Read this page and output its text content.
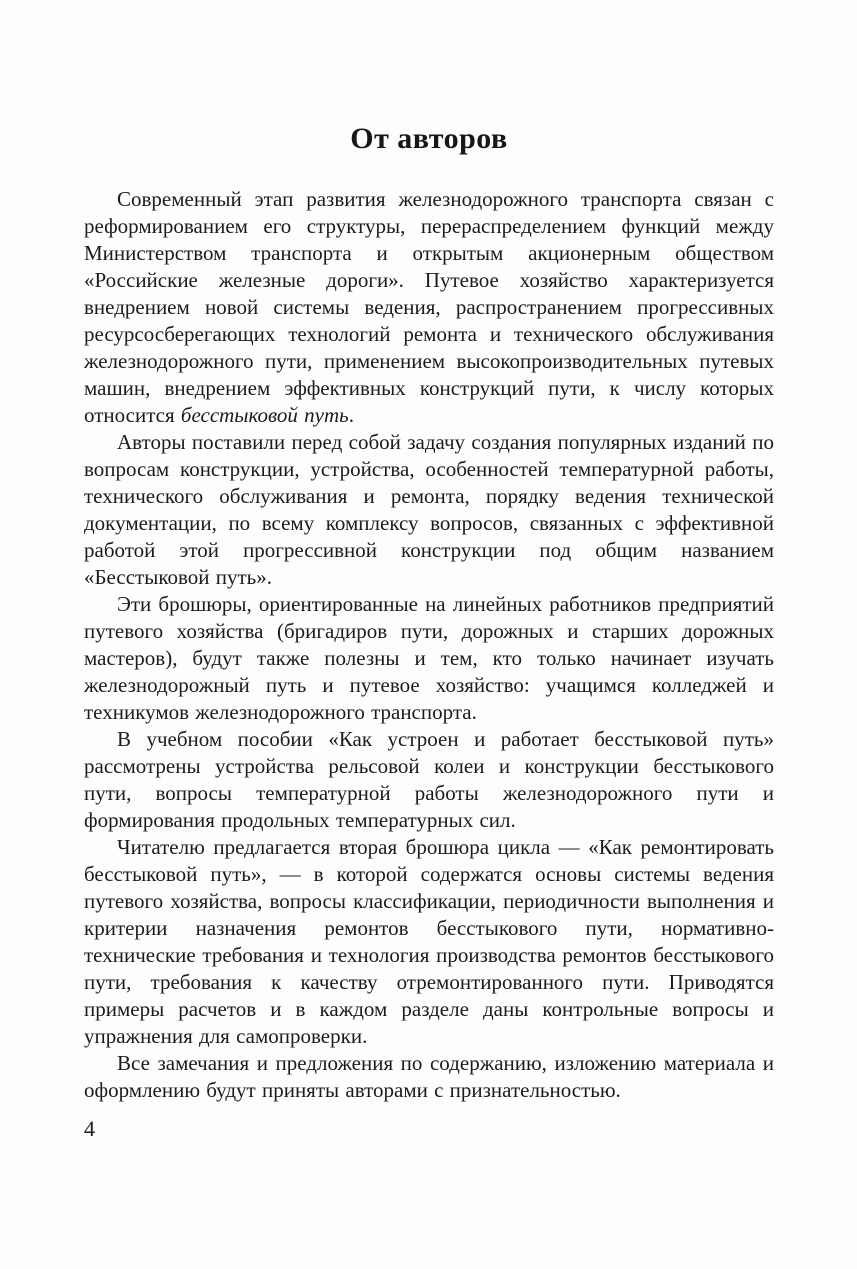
От авторов

Современный этап развития железнодорожного транспорта связан с реформированием его структуры, перераспределением функций между Министерством транспорта и открытым акционерным обществом «Российские железные дороги». Путевое хозяйство характеризуется внедрением новой системы ведения, распространением прогрессивных ресурсосберегающих технологий ремонта и технического обслуживания железнодорожного пути, применением высокопроизводительных путевых машин, внедрением эффективных конструкций пути, к числу которых относится бесстыковой путь.

Авторы поставили перед собой задачу создания популярных изданий по вопросам конструкции, устройства, особенностей температурной работы, технического обслуживания и ремонта, порядку ведения технической документации, по всему комплексу вопросов, связанных с эффективной работой этой прогрессивной конструкции под общим названием «Бесстыковой путь».

Эти брошюры, ориентированные на линейных работников предприятий путевого хозяйства (бригадиров пути, дорожных и старших дорожных мастеров), будут также полезны и тем, кто только начинает изучать железнодорожный путь и путевое хозяйство: учащимся колледжей и техникумов железнодорожного транспорта.

В учебном пособии «Как устроен и работает бесстыковой путь» рассмотрены устройства рельсовой колеи и конструкции бесстыкового пути, вопросы температурной работы железнодорожного пути и формирования продольных температурных сил.

Читателю предлагается вторая брошюра цикла — «Как ремонтировать бесстыковой путь», — в которой содержатся основы системы ведения путевого хозяйства, вопросы классификации, периодичности выполнения и критерии назначения ремонтов бесстыкового пути, нормативно-технические требования и технология производства ремонтов бесстыкового пути, требования к качеству отремонтированного пути. Приводятся примеры расчетов и в каждом разделе даны контрольные вопросы и упражнения для самопроверки.

Все замечания и предложения по содержанию, изложению материала и оформлению будут приняты авторами с признательностью.

4
